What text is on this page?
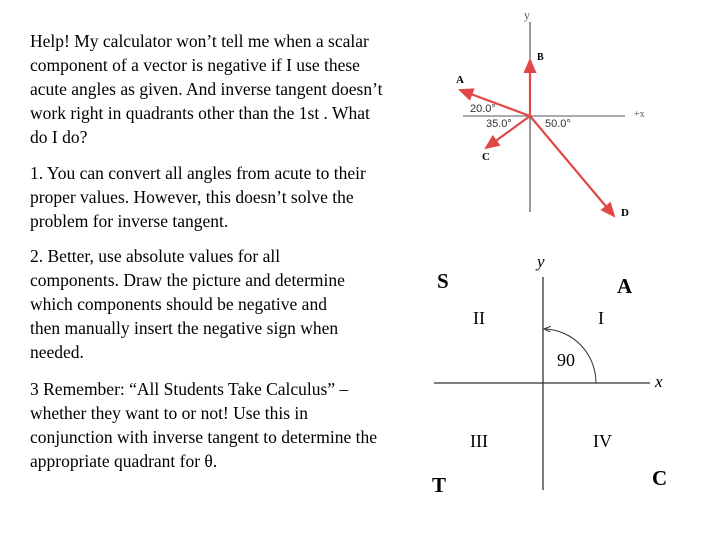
Help! My calculator won’t tell me when a scalar component of a vector is negative if I use these acute angles as given. And inverse tangent doesn’t work right in quadrants other than the 1st . What do I do?

1. You can convert all angles from acute to their proper values. However, this doesn’t solve the problem for inverse tangent.

2. Better, use absolute values for all components. Draw the picture and determine which components should be negative and then manually insert the negative sign when needed.

3 Remember: “All Students Take Calculus” – whether they want to or not! Use this in conjunction with inverse tangent to determine the appropriate quadrant for θ.

y
+x
A
B
C
D
20.0°
35.0°	50.0°
y
x
I
II
III	IV
90
S	A
T	C
